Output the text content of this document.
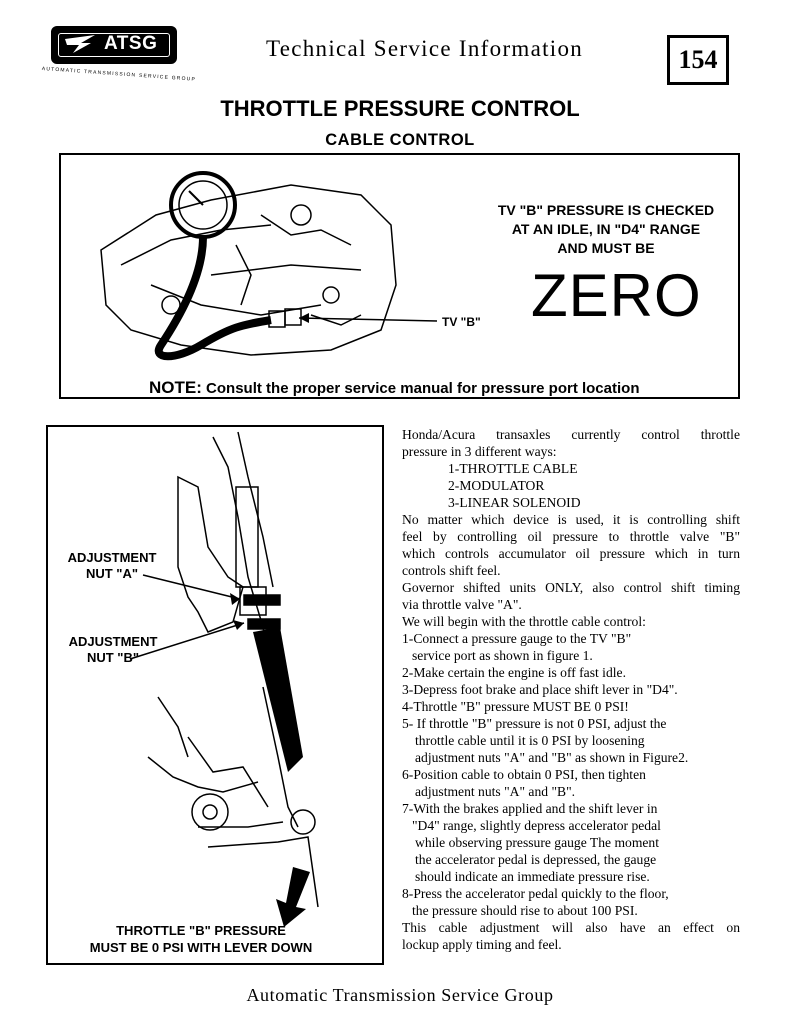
ATSG
AUTOMATIC TRANSMISSION SERVICE GROUP
Technical Service Information	154
THROTTLE PRESSURE CONTROL
CABLE CONTROL
TV "B" PRESSURE IS CHECKED
AT AN IDLE, IN "D4" RANGE
AND MUST BE
ZERO
TV "B"
NOTE: Consult the proper service manual for pressure port location
ADJUSTMENT
NUT "A"
ADJUSTMENT
NUT "B"
THROTTLE "B" PRESSURE
MUST BE 0 PSI WITH LEVER DOWN
Honda/Acura transaxles currently control throttle
pressure in 3 different ways:
1-THROTTLE CABLE
2-MODULATOR
3-LINEAR SOLENOID
No matter which device is used, it is controlling shift
feel by controlling oil pressure to throttle valve "B"
which controls accumulator oil pressure which in turn
controls shift feel.
Governor shifted units ONLY, also control shift timing
via throttle valve "A".
We will begin with the throttle cable control:
1-Connect a pressure gauge to the TV "B"
service port as shown in figure 1.
2-Make certain the engine is off fast idle.
3-Depress foot brake and place shift lever in "D4".
4-Throttle "B" pressure MUST BE 0 PSI!
5- If throttle "B" pressure is not 0 PSI, adjust the
throttle cable until it is 0 PSI by loosening
adjustment nuts "A" and "B" as shown in Figure2.
6-Position cable to obtain 0 PSI, then tighten
adjustment nuts "A" and "B".
7-With the brakes applied and the shift lever in
"D4" range, slightly depress accelerator pedal
while observing pressure gauge The moment
the accelerator pedal is depressed, the gauge
should indicate an immediate pressure rise.
8-Press the accelerator pedal quickly to the floor,
the pressure should rise to about 100 PSI.
This cable adjustment will also have an effect on
lockup apply timing and feel.
Automatic Transmission Service Group
